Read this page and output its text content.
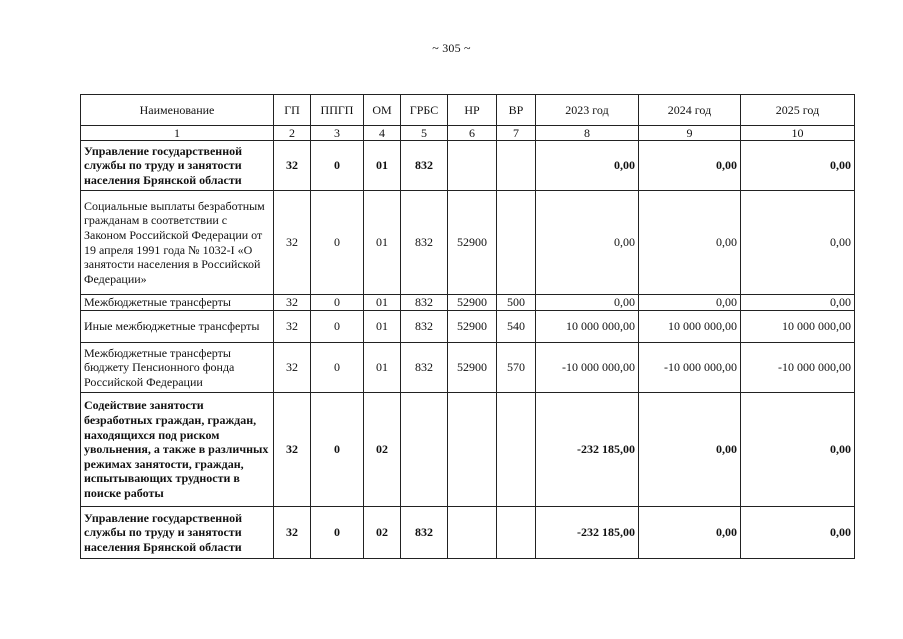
~ 305 ~
Наименование	ГП	ППГП	ОМ	ГРБС	НР	ВР	2023 год	2024 год	2025 год
1	2	3	4	5	6	7	8	9	10
Управление государственной службы по труду и занятости населения Брянской области	32	0	01	832			0,00	0,00	0,00
Социальные выплаты безработным гражданам в соответствии с Законом Российской Федерации от 19 апреля 1991 года № 1032-I «О занятости населения в Российской Федерации»	32	0	01	832	52900		0,00	0,00	0,00
Межбюджетные трансферты	32	0	01	832	52900	500	0,00	0,00	0,00
Иные межбюджетные трансферты	32	0	01	832	52900	540	10 000 000,00	10 000 000,00	10 000 000,00
Межбюджетные трансферты бюджету Пенсионного фонда Российской Федерации	32	0	01	832	52900	570	-10 000 000,00	-10 000 000,00	-10 000 000,00
Содействие занятости безработных граждан, граждан, находящихся под риском увольнения, а также в различных режимах занятости, граждан, испытывающих трудности в поиске работы	32	0	02				-232 185,00	0,00	0,00
Управление государственной службы по труду и занятости населения Брянской области	32	0	02	832			-232 185,00	0,00	0,00
